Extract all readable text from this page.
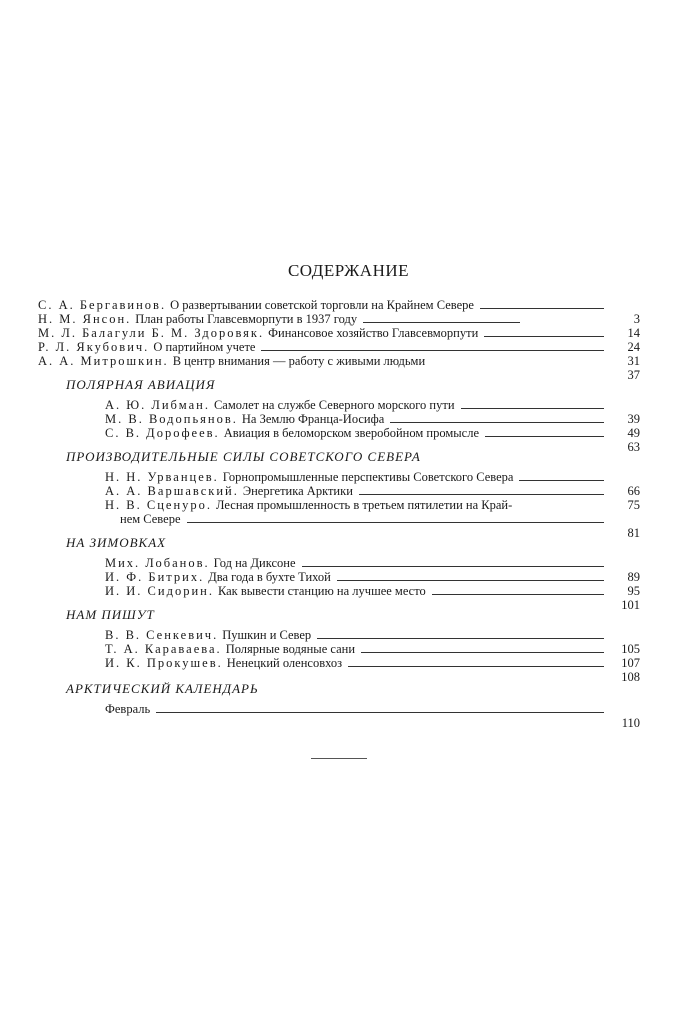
СОДЕРЖАНИЕ
С. А. Бергавинов. О развертывании советской торговли на Крайнем Севере
3
Н. М. Янсон. План работы Главсевморпути в 1937 году
14
М. Л. Балагули Б. М. Здоровяк. Финансовое хозяйство Главсевморпути
24
Р. Л. Якубович. О партийном учете
31
А. А. Митрошкин. В центр внимания — работу с живыми людьми
37
ПОЛЯРНАЯ АВИАЦИЯ
А. Ю. Либман. Самолет на службе Северного морского пути
39
М. В. Водопьянов. На Землю Франца-Иосифа
49
С. В. Дорофеев. Авиация в беломорском зверобойном промысле
63
ПРОИЗВОДИТЕЛЬНЫЕ СИЛЫ СОВЕТСКОГО СЕВЕРА
Н. Н. Урванцев. Горнопромышленные перспективы Советского Севера
66
А. А. Варшавский. Энергетика Арктики
75
Н. В. Сценуро. Лесная промышленность в третьем пятилетии на Край-
нем Севере
81
НА ЗИМОВКАХ
Мих. Лобанов. Год на Диксоне
89
И. Ф. Битрих. Два года в бухте Тихой
95
И. И. Сидорин. Как вывести станцию на лучшее место
101
НАМ ПИШУТ
В. В. Сенкевич. Пушкин и Север
105
Т. А. Караваева. Полярные водяные сани
107
И. К. Прокушев. Ненецкий оленсовхоз
108
АРКТИЧЕСКИЙ КАЛЕНДАРЬ
Февраль
110
